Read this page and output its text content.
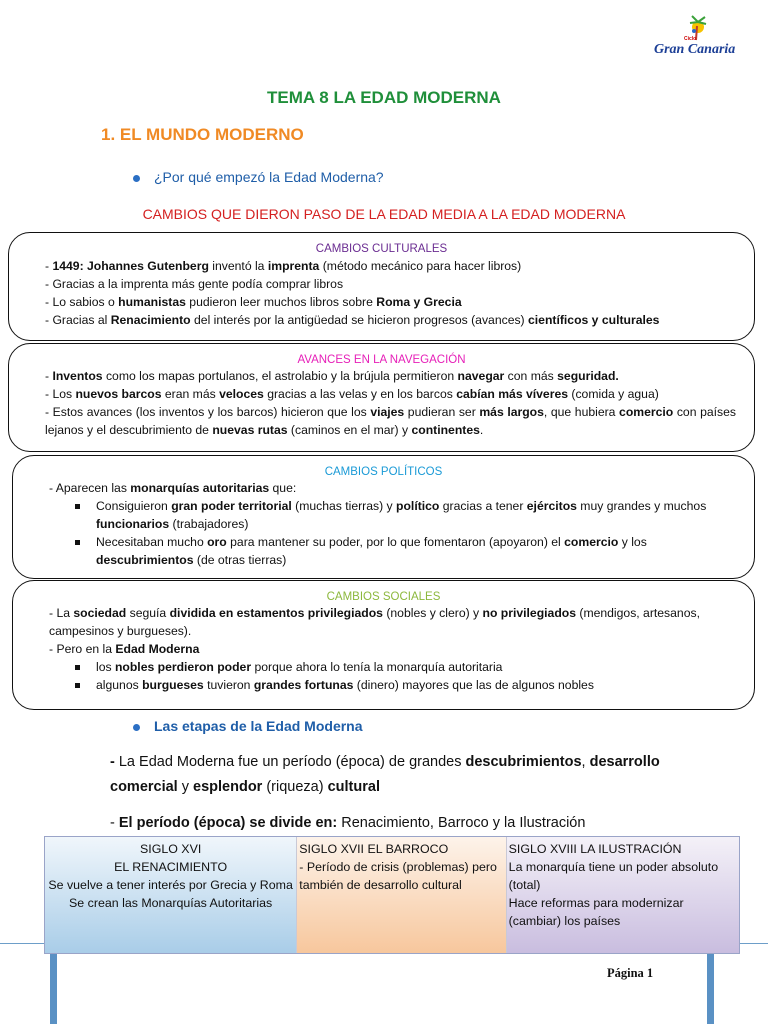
Ciclo
Gran Canaria
TEMA 8 LA EDAD MODERNA
1. EL MUNDO MODERNO
¿Por qué empezó la Edad Moderna?
CAMBIOS QUE DIERON PASO DE LA EDAD MEDIA A LA EDAD MODERNA
CAMBIOS CULTURALES
- 1449: Johannes Gutenberg inventó la imprenta (método mecánico para hacer libros)
- Gracias a la imprenta más gente podía comprar libros
- Lo sabios o humanistas pudieron leer muchos libros sobre Roma y Grecia
- Gracias al Renacimiento del interés por la antigüedad se hicieron progresos (avances) científicos y culturales
AVANCES EN LA NAVEGACIÓN
- Inventos como los mapas portulanos, el astrolabio y la brújula permitieron navegar con más seguridad.
- Los nuevos barcos eran más veloces gracias a las velas y en los barcos cabían más víveres (comida y agua)
- Estos avances (los inventos y los barcos) hicieron que los viajes pudieran ser más largos, que hubiera comercio con países lejanos y el descubrimiento de nuevas rutas (caminos en el mar) y continentes.
CAMBIOS POLÍTICOS
- Aparecen las monarquías autoritarias que:
Consiguieron gran poder territorial (muchas tierras) y político gracias a tener ejércitos muy grandes y muchos funcionarios (trabajadores)
Necesitaban mucho oro para mantener su poder, por lo que fomentaron (apoyaron) el comercio y los descubrimientos (de otras tierras)
CAMBIOS SOCIALES
- La sociedad seguía dividida en estamentos privilegiados (nobles y clero) y no privilegiados (mendigos, artesanos, campesinos y burgueses).
- Pero en la Edad Moderna
los nobles perdieron poder porque ahora lo tenía la monarquía autoritaria
algunos burgueses tuvieron grandes fortunas (dinero) mayores que las de algunos nobles
Las etapas de la Edad Moderna
- La Edad Moderna fue un período (época) de grandes descubrimientos, desarrollo comercial y esplendor (riqueza) cultural
- El período (época) se divide en: Renacimiento, Barroco y la Ilustración
SIGLO XVI
EL RENACIMIENTO
Se vuelve a tener interés por Grecia y Roma
Se crean las Monarquías Autoritarias
SIGLO XVII EL BARROCO
- Período de crisis (problemas) pero también de desarrollo cultural
SIGLO XVIII LA ILUSTRACIÓN
La monarquía tiene un poder absoluto (total)
Hace reformas para modernizar (cambiar) los países
Página 1
